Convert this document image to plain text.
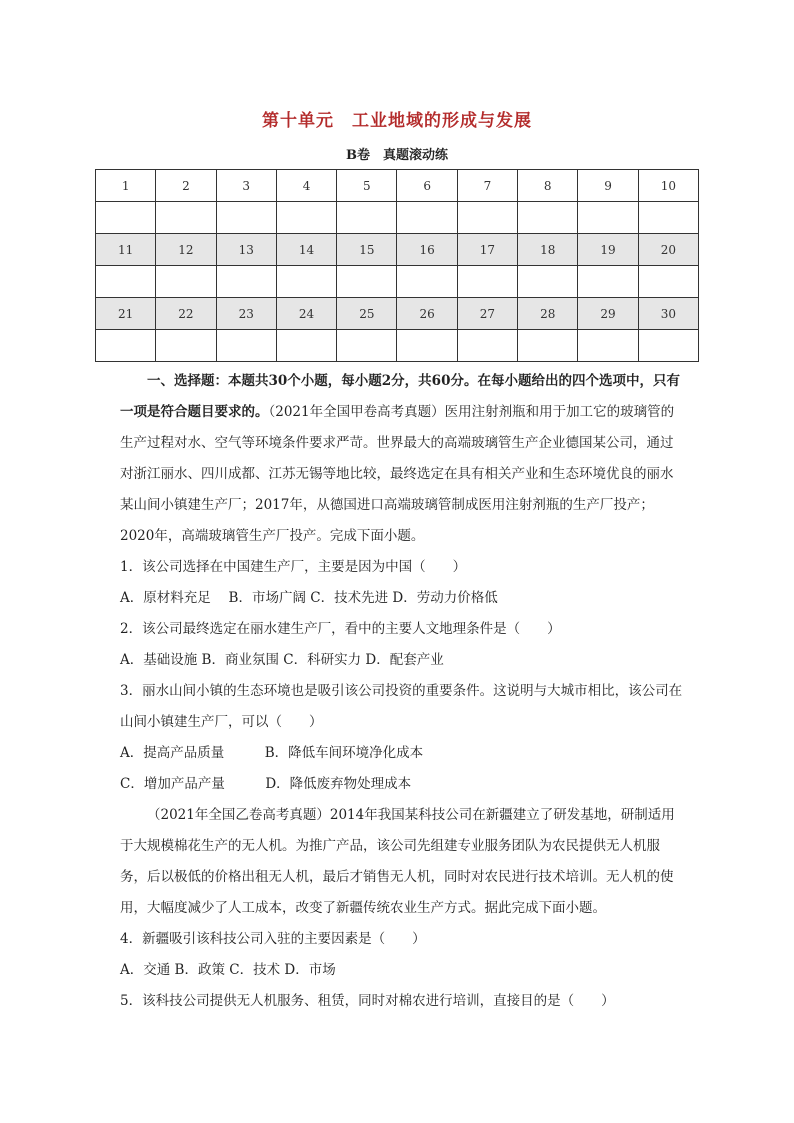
第十单元　工业地域的形成与发展
B卷　真题滚动练
1	2	3	4	5	6	7	8	9	10

11	12	13	14	15	16	17	18	19	20

21	22	23	24	25	26	27	28	29	30

一、选择题：本题共30个小题，每小题2分，共60分。在每小题给出的四个选项中，只有一项是符合题目要求的。（2021年全国甲卷高考真题）医用注射剂瓶和用于加工它的玻璃管的生产过程对水、空气等环境条件要求严苛。世界最大的高端玻璃管生产企业德国某公司，通过对浙江丽水、四川成都、江苏无锡等地比较，最终选定在具有相关产业和生态环境优良的丽水某山间小镇建生产厂；2017年，从德国进口高端玻璃管制成医用注射剂瓶的生产厂投产；2020年，高端玻璃管生产厂投产。完成下面小题。

1．该公司选择在中国建生产厂，主要是因为中国（　　）

A．原材料充足　 B．市场广阔 C．技术先进 D．劳动力价格低

2．该公司最终选定在丽水建生产厂，看中的主要人文地理条件是（　　）

A．基础设施 B．商业氛围 C．科研实力 D．配套产业

3．丽水山间小镇的生态环境也是吸引该公司投资的重要条件。这说明与大城市相比，该公司在山间小镇建生产厂，可以（　　）

A．提高产品质量　　　B．降低车间环境净化成本

C．增加产品产量　　　D．降低废弃物处理成本

（2021年全国乙卷高考真题）2014年我国某科技公司在新疆建立了研发基地，研制适用于大规模棉花生产的无人机。为推广产品，该公司先组建专业服务团队为农民提供无人机服务，后以极低的价格出租无人机，最后才销售无人机，同时对农民进行技术培训。无人机的使用，大幅度减少了人工成本，改变了新疆传统农业生产方式。据此完成下面小题。

4．新疆吸引该科技公司入驻的主要因素是（　　）

A．交通 B．政策 C．技术 D．市场

5．该科技公司提供无人机服务、租赁，同时对棉农进行培训，直接目的是（　　）
